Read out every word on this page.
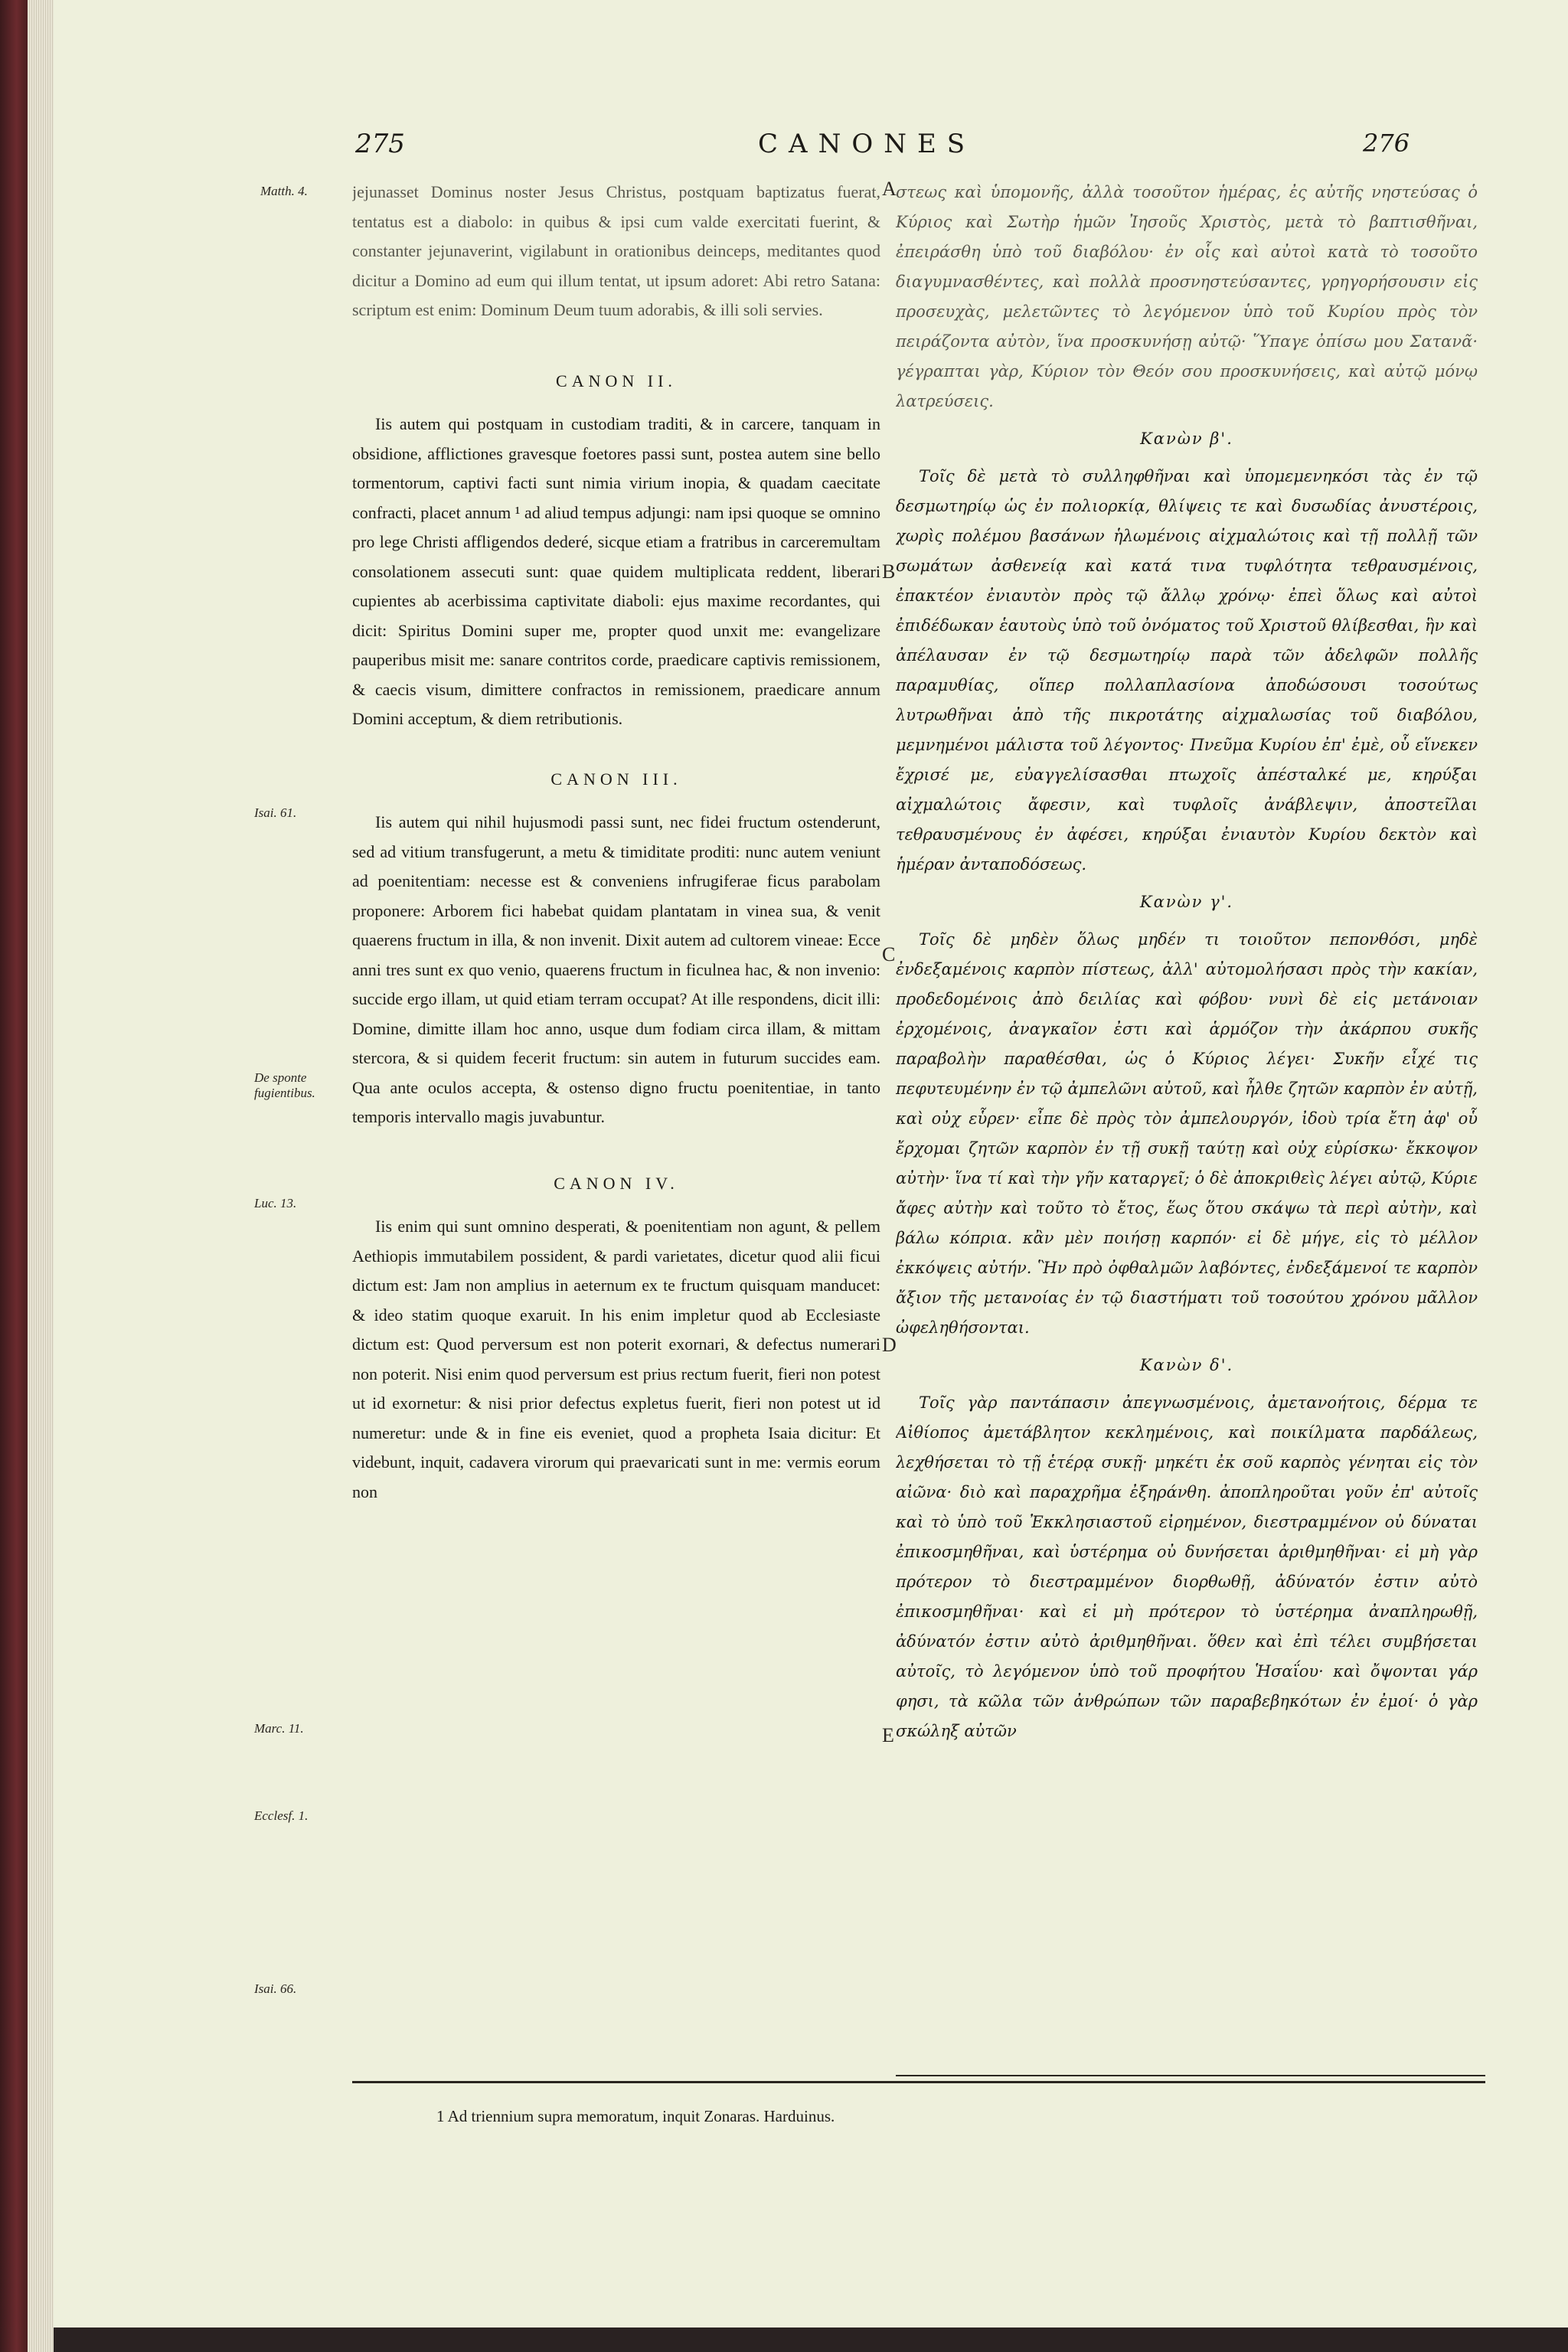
275	CANONES	276
Matth. 4.
Isai. 61.
De sponte fugientibus.
Luc. 13.
Marc. 11.
Ecclesf. 1.
Isai. 66.

jejunasset Dominus noster Jesus Christus, postquam baptizatus fuerat, tentatus est a diabolo: in quibus & ipsi cum valde exercitati fuerint, & constanter jejunaverint, vigilabunt in orationibus deinceps, meditantes quod dicitur a Domino ad eum qui illum tentat, ut ipsum adoret: Abi retro Satana: scriptum est enim: Dominum Deum tuum adorabis, & illi soli servies.

CANON II.

Iis autem qui postquam in custodiam traditi, & in carcere, tanquam in obsidione, afflictiones gravesque foetores passi sunt, postea autem sine bello tormentorum, captivi facti sunt nimia virium inopia, & quadam caecitate confracti, placet annum ¹ ad aliud tempus adjungi: nam ipsi quoque se omnino pro lege Christi affligendos dederé, sicque etiam a fratribus in carceremultam consolationem assecuti sunt: quae quidem multiplicata reddent, liberari cupientes ab acerbissima captivitate diaboli: ejus maxime recordantes, qui dicit: Spiritus Domini super me, propter quod unxit me: evangelizare pauperibus misit me: sanare contritos corde, praedicare captivis remissionem, & caecis visum, dimittere confractos in remissionem, praedicare annum Domini acceptum, & diem retributionis.

CANON III.

Iis autem qui nihil hujusmodi passi sunt, nec fidei fructum ostenderunt, sed ad vitium transfugerunt, a metu & timiditate proditi: nunc autem veniunt ad poenitentiam: necesse est & conveniens infrugiferae ficus parabolam proponere: Arborem fici habebat quidam plantatam in vinea sua, & venit quaerens fructum in illa, & non invenit. Dixit autem ad cultorem vineae: Ecce anni tres sunt ex quo venio, quaerens fructum in ficulnea hac, & non invenio: succide ergo illam, ut quid etiam terram occupat? At ille respondens, dicit illi: Domine, dimitte illam hoc anno, usque dum fodiam circa illam, & mittam stercora, & si quidem fecerit fructum: sin autem in futurum succides eam. Qua ante oculos accepta, & ostenso digno fructu poenitentiae, in tanto temporis intervallo magis juvabuntur.

CANON IV.

Iis enim qui sunt omnino desperati, & poenitentiam non agunt, & pellem Aethiopis immutabilem possident, & pardi varietates, dicetur quod alii ficui dictum est: Jam non amplius in aeternum ex te fructum quisquam manducet: & ideo statim quoque exaruit. In his enim impletur quod ab Ecclesiaste dictum est: Quod perversum est non poterit exornari, & defectus numerari non poterit. Nisi enim quod perversum est prius rectum fuerit, fieri non potest ut id exornetur: & nisi prior defectus expletus fuerit, fieri non potest ut id numeretur: unde & in fine eis eveniet, quod a propheta Isaia dicitur: Et videbunt, inquit, cadavera virorum qui praevaricati sunt in me: vermis eorum non

A
B
C
D
E

στεως καὶ ὑπομονῆς, ἀλλὰ τοσοῦτον ἡμέρας, ἐς αὐτῆς νηστεύσας ὁ Κύριος καὶ Σωτὴρ ἡμῶν Ἰησοῦς Χριστὸς, μετὰ τὸ βαπτισθῆναι, ἐπειράσθη ὑπὸ τοῦ διαβόλου· ἐν οἷς καὶ αὐτοὶ κατὰ τὸ τοσοῦτο διαγυμνασθέντες, καὶ πολλὰ προσνηστεύσαντες, γρηγορήσουσιν εἰς προσευχὰς, μελετῶντες τὸ λεγόμενον ὑπὸ τοῦ Κυρίου πρὸς τὸν πειράζοντα αὐτὸν, ἵνα προσκυνήσῃ αὐτῷ· Ὕπαγε ὀπίσω μου Σατανᾶ· γέγραπται γὰρ, Κύριον τὸν Θεόν σου προσκυνήσεις, καὶ αὐτῷ μόνῳ λατρεύσεις.

Κανὼν β'.

Τοῖς δὲ μετὰ τὸ συλληφθῆναι καὶ ὑπομεμενηκόσι τὰς ἐν τῷ δεσμωτηρίῳ ὡς ἐν πολιορκίᾳ, θλίψεις τε καὶ δυσωδίας ἀνυστέροις, χωρὶς πολέμου βασάνων ἡλωμένοις αἰχμαλώτοις καὶ τῇ πολλῇ τῶν σωμάτων ἀσθενείᾳ καὶ κατά τινα τυφλότητα τεθραυσμένοις, ἐπακτέον ἐνιαυτὸν πρὸς τῷ ἄλλῳ χρόνῳ· ἐπεὶ ὅλως καὶ αὐτοὶ ἐπιδέδωκαν ἑαυτοὺς ὑπὸ τοῦ ὀνόματος τοῦ Χριστοῦ θλίβεσθαι, ἣν καὶ ἀπέλαυσαν ἐν τῷ δεσμωτηρίῳ παρὰ τῶν ἀδελφῶν πολλῆς παραμυθίας, οἵπερ πολλαπλασίονα ἀποδώσουσι τοσούτως λυτρωθῆναι ἀπὸ τῆς πικροτάτης αἰχμαλωσίας τοῦ διαβόλου, μεμνημένοι μάλιστα τοῦ λέγοντος· Πνεῦμα Κυρίου ἐπ' ἐμὲ, οὗ εἵνεκεν ἔχρισέ με, εὐαγγελίσασθαι πτωχοῖς ἀπέσταλκέ με, κηρύξαι αἰχμαλώτοις ἄφεσιν, καὶ τυφλοῖς ἀνάβλεψιν, ἀποστεῖλαι τεθραυσμένους ἐν ἀφέσει, κηρύξαι ἐνιαυτὸν Κυρίου δεκτὸν καὶ ἡμέραν ἀνταποδόσεως.

Κανὼν γ'.

Τοῖς δὲ μηδὲν ὅλως μηδέν τι τοιοῦτον πεπονθόσι, μηδὲ ἐνδεξαμένοις καρπὸν πίστεως, ἀλλ' αὐτομολήσασι πρὸς τὴν κακίαν, προδεδομένοις ἀπὸ δειλίας καὶ φόβου· νυνὶ δὲ εἰς μετάνοιαν ἐρχομένοις, ἀναγκαῖον ἐστι καὶ ἁρμόζον τὴν ἀκάρπου συκῆς παραβολὴν παραθέσθαι, ὡς ὁ Κύριος λέγει· Συκῆν εἶχέ τις πεφυτευμένην ἐν τῷ ἀμπελῶνι αὐτοῦ, καὶ ἦλθε ζητῶν καρπὸν ἐν αὐτῇ, καὶ οὐχ εὗρεν· εἶπε δὲ πρὸς τὸν ἀμπελουργόν, ἰδοὺ τρία ἔτη ἀφ' οὗ ἔρχομαι ζητῶν καρπὸν ἐν τῇ συκῇ ταύτῃ καὶ οὐχ εὑρίσκω· ἔκκοψον αὐτὴν· ἵνα τί καὶ τὴν γῆν καταργεῖ; ὁ δὲ ἀποκριθεὶς λέγει αὐτῷ, Κύριε ἄφες αὐτὴν καὶ τοῦτο τὸ ἔτος, ἕως ὅτου σκάψω τὰ περὶ αὐτὴν, καὶ βάλω κόπρια. κἂν μὲν ποιήσῃ καρπόν· εἰ δὲ μήγε, εἰς τὸ μέλλον ἐκκόψεις αὐτήν. Ἣν πρὸ ὀφθαλμῶν λαβόντες, ἐνδεξάμενοί τε καρπὸν ἄξιον τῆς μετανοίας ἐν τῷ διαστήματι τοῦ τοσούτου χρόνου μᾶλλον ὠφεληθήσονται.

Κανὼν δ'.

Τοῖς γὰρ παντάπασιν ἀπεγνωσμένοις, ἀμετανοήτοις, δέρμα τε Αἰθίοπος ἀμετάβλητον κεκλημένοις, καὶ ποικίλματα παρδάλεως, λεχθήσεται τὸ τῇ ἑτέρᾳ συκῇ· μηκέτι ἐκ σοῦ καρπὸς γένηται εἰς τὸν αἰῶνα· διὸ καὶ παραχρῆμα ἐξηράνθη. ἀποπληροῦται γοῦν ἐπ' αὐτοῖς καὶ τὸ ὑπὸ τοῦ Ἐκκλησιαστοῦ εἰρημένον, διεστραμμένον οὐ δύναται ἐπικοσμηθῆναι, καὶ ὑστέρημα οὐ δυνήσεται ἀριθμηθῆναι· εἰ μὴ γὰρ πρότερον τὸ διεστραμμένον διορθωθῇ, ἀδύνατόν ἐστιν αὐτὸ ἐπικοσμηθῆναι· καὶ εἰ μὴ πρότερον τὸ ὑστέρημα ἀναπληρωθῇ, ἀδύνατόν ἐστιν αὐτὸ ἀριθμηθῆναι. ὅθεν καὶ ἐπὶ τέλει συμβήσεται αὐτοῖς, τὸ λεγόμενον ὑπὸ τοῦ προφήτου Ἡσαΐου· καὶ ὄψονται γάρ φησι, τὰ κῶλα τῶν ἀνθρώπων τῶν παραβεβηκότων ἐν ἐμοί· ὁ γὰρ σκώληξ αὐτῶν

1 Ad triennium supra memoratum, inquit Zonaras. Harduinus.
